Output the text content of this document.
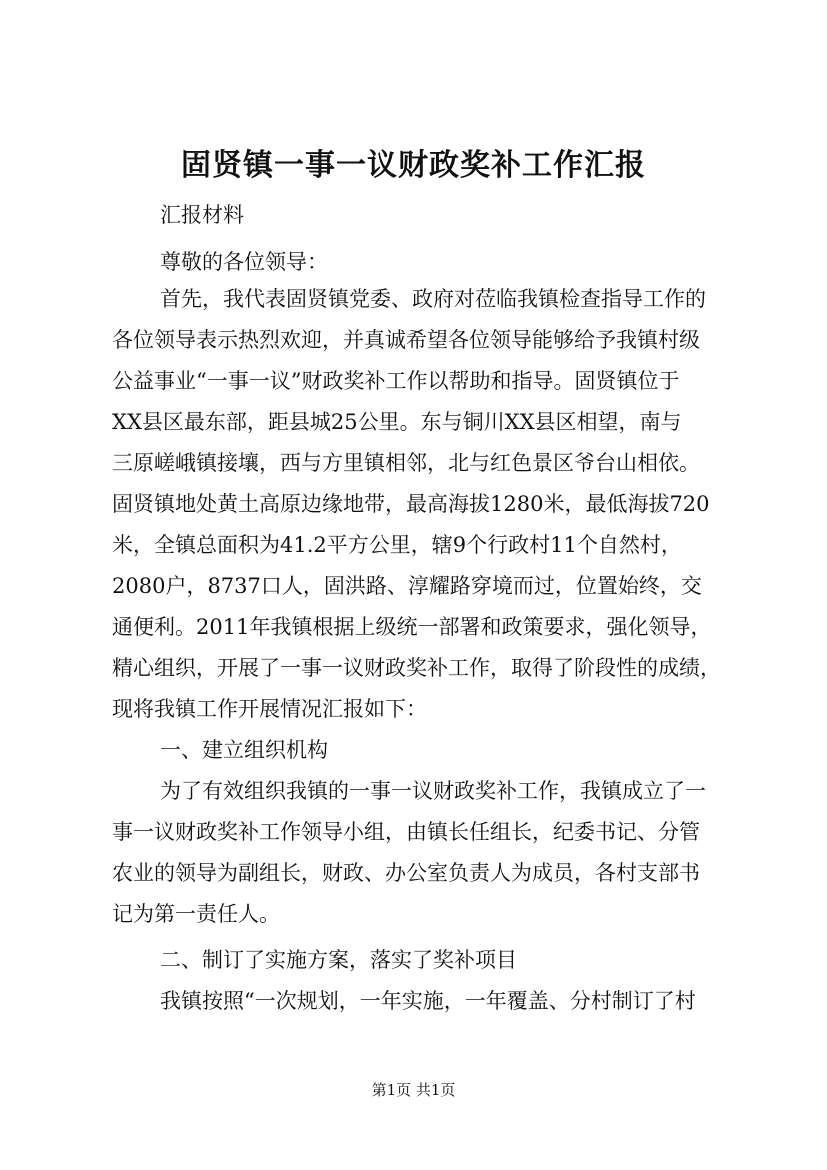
固贤镇一事一议财政奖补工作汇报
汇报材料
尊敬的各位领导：
首先，我代表固贤镇党委、政府对莅临我镇检查指导工作的
各位领导表示热烈欢迎，并真诚希望各位领导能够给予我镇村级
公益事业“一事一议”财政奖补工作以帮助和指导。固贤镇位于
XX县区最东部，距县城25公里。东与铜川XX县区相望，南与
三原嵯峨镇接壤，西与方里镇相邻，北与红色景区爷台山相依。
固贤镇地处黄土高原边缘地带，最高海拔1280米，最低海拔720
米，全镇总面积为41.2平方公里，辖9个行政村11个自然村，
2080户，8737口人，固洪路、淳耀路穿境而过，位置始终，交
通便利。2011年我镇根据上级统一部署和政策要求，强化领导，
精心组织，开展了一事一议财政奖补工作，取得了阶段性的成绩，
现将我镇工作开展情况汇报如下：
一、建立组织机构
为了有效组织我镇的一事一议财政奖补工作，我镇成立了一
事一议财政奖补工作领导小组，由镇长任组长，纪委书记、分管
农业的领导为副组长，财政、办公室负责人为成员，各村支部书
记为第一责任人。
二、制订了实施方案，落实了奖补项目
我镇按照“一次规划，一年实施，一年覆盖、分村制订了村
第1页 共1页
